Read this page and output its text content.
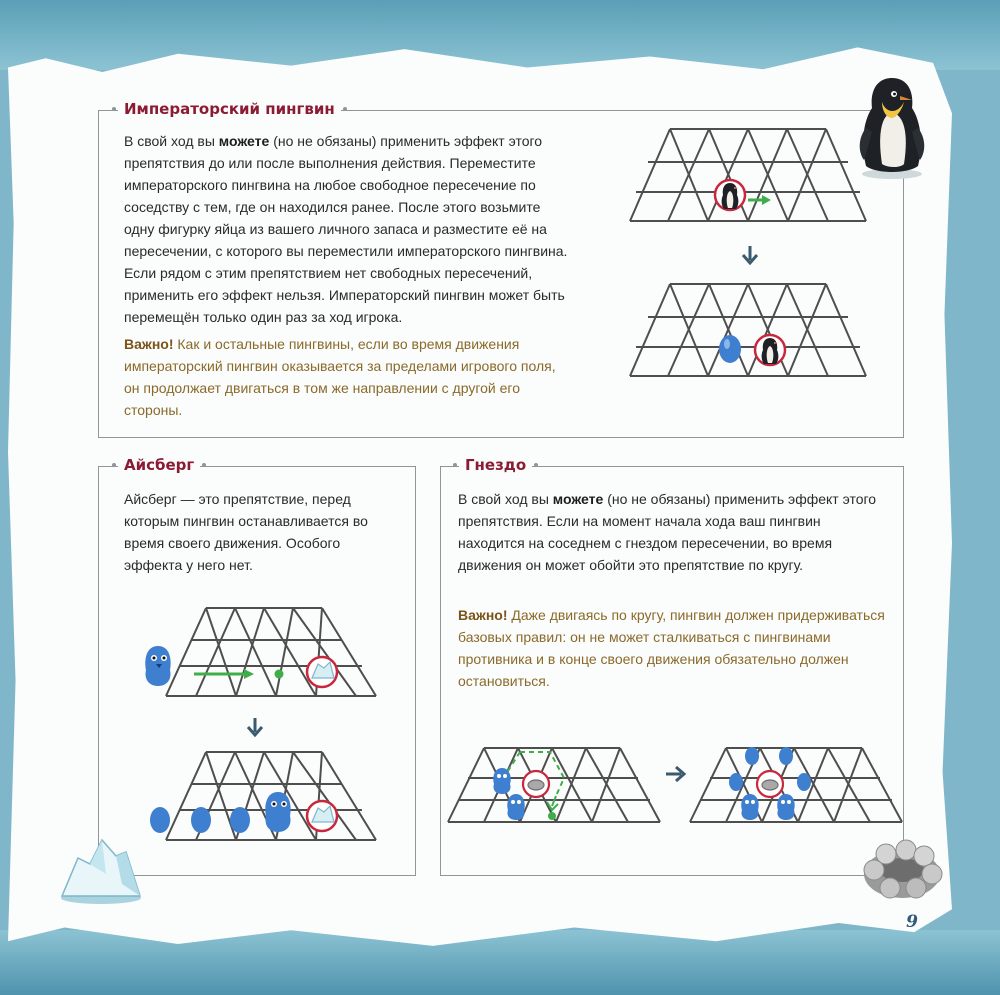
Императорский пингвин
В свой ход вы можете (но не обязаны) применить эффект этого препятствия до или после выполнения действия. Переместите императорского пингвина на любое свободное пересечение по соседству с тем, где он находился ранее. После этого возьмите одну фигурку яйца из вашего личного запаса и разместите её на пересечении, с которого вы переместили императорского пингвина. Если рядом с этим препятствием нет свободных пересечений, применить его эффект нельзя. Императорский пингвин может быть перемещён только один раз за ход игрока.
Важно! Как и остальные пингвины, если во время движения императорский пингвин оказывается за пределами игрового поля, он продолжает двигаться в том же направлении с другой его стороны.
Айсберг
Айсберг — это препятствие, перед которым пингвин останавливается во время своего движения. Особого эффекта у него нет.
Гнездо
В свой ход вы можете (но не обязаны) применить эффект этого препятствия. Если на момент начала хода ваш пингвин находится на соседнем с гнездом пересечении, во время движения он может обойти это препятствие по кругу.
Важно! Даже двигаясь по кругу, пингвин должен придерживаться базовых правил: он не может сталкиваться с пингвинами противника и в конце своего движения обязательно должен остановиться.
9
